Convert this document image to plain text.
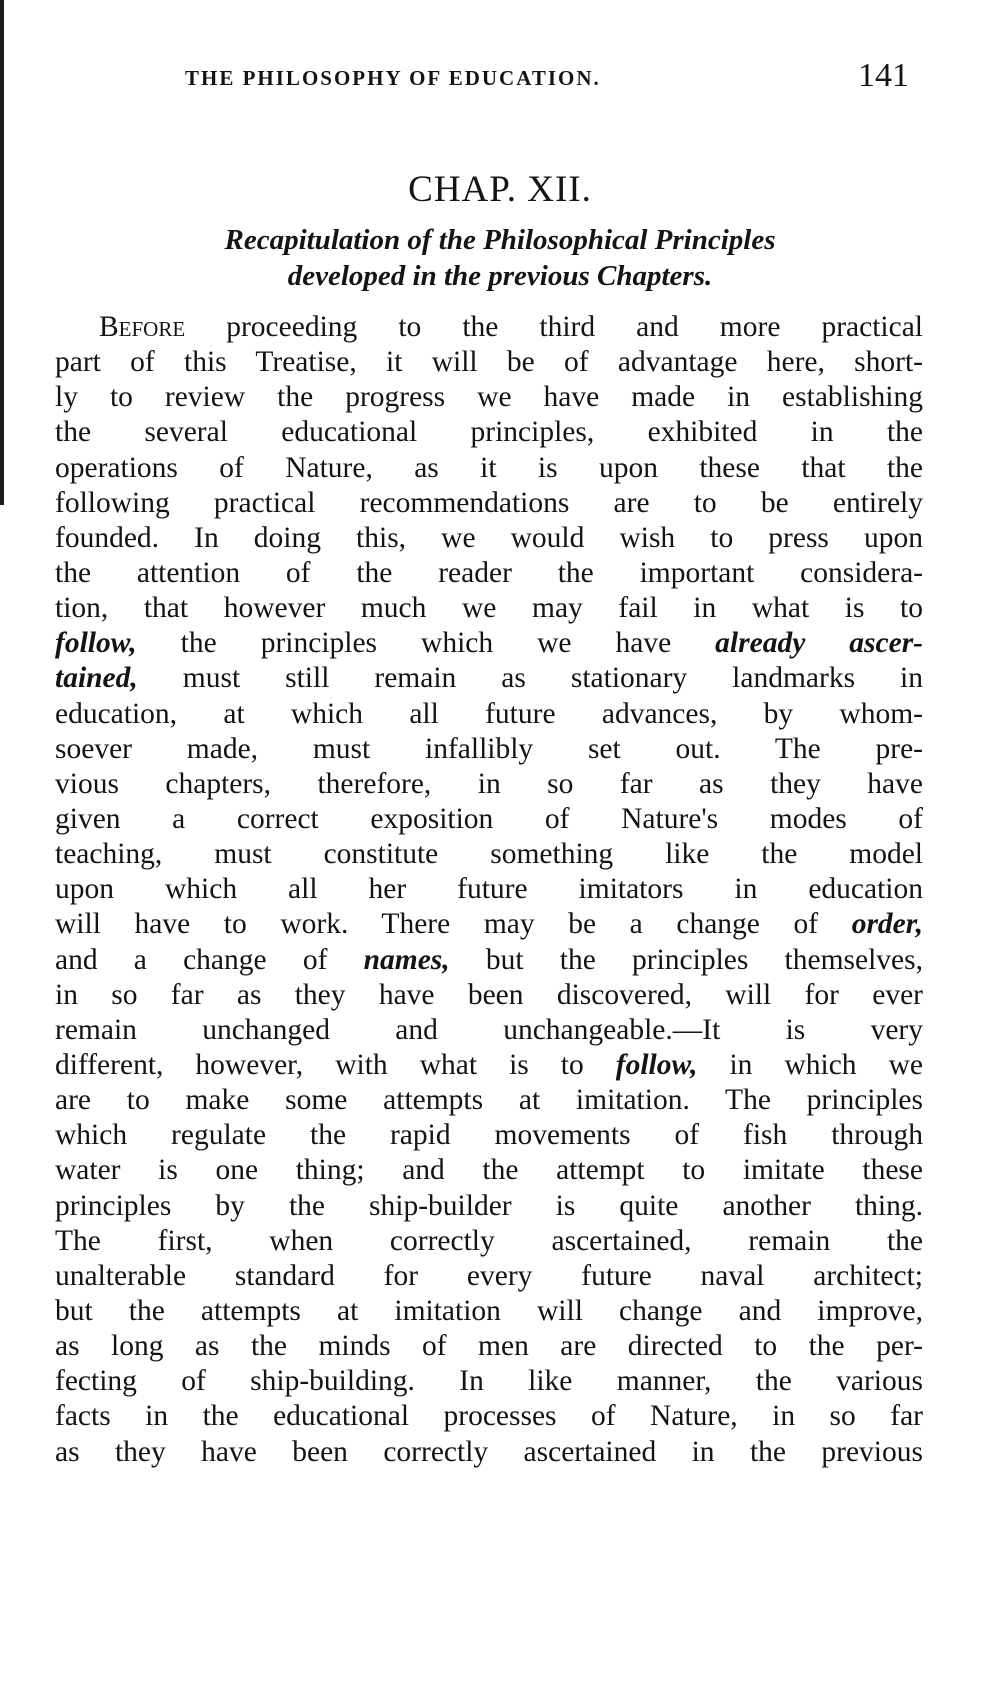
THE PHILOSOPHY OF EDUCATION.	141
CHAP. XII.
Recapitulation of the Philosophical Principles
developed in the previous Chapters.
Before proceeding to the third and more practical
part of this Treatise, it will be of advantage here, short-
ly to review the progress we have made in establishing
the several educational principles, exhibited in the
operations of Nature, as it is upon these that the
following practical recommendations are to be entirely
founded. In doing this, we would wish to press upon
the attention of the reader the important considera-
tion, that however much we may fail in what is to
follow, the principles which we have already ascer-
tained, must still remain as stationary landmarks in
education, at which all future advances, by whom-
soever made, must infallibly set out. The pre-
vious chapters, therefore, in so far as they have
given a correct exposition of Nature's modes of
teaching, must constitute something like the model
upon which all her future imitators in education
will have to work. There may be a change of order,
and a change of names, but the principles themselves,
in so far as they have been discovered, will for ever
remain unchanged and unchangeable.—It is very
different, however, with what is to follow, in which we
are to make some attempts at imitation. The principles
which regulate the rapid movements of fish through
water is one thing; and the attempt to imitate these
principles by the ship-builder is quite another thing.
The first, when correctly ascertained, remain the
unalterable standard for every future naval architect;
but the attempts at imitation will change and improve,
as long as the minds of men are directed to the per-
fecting of ship-building. In like manner, the various
facts in the educational processes of Nature, in so far
as they have been correctly ascertained in the previous
